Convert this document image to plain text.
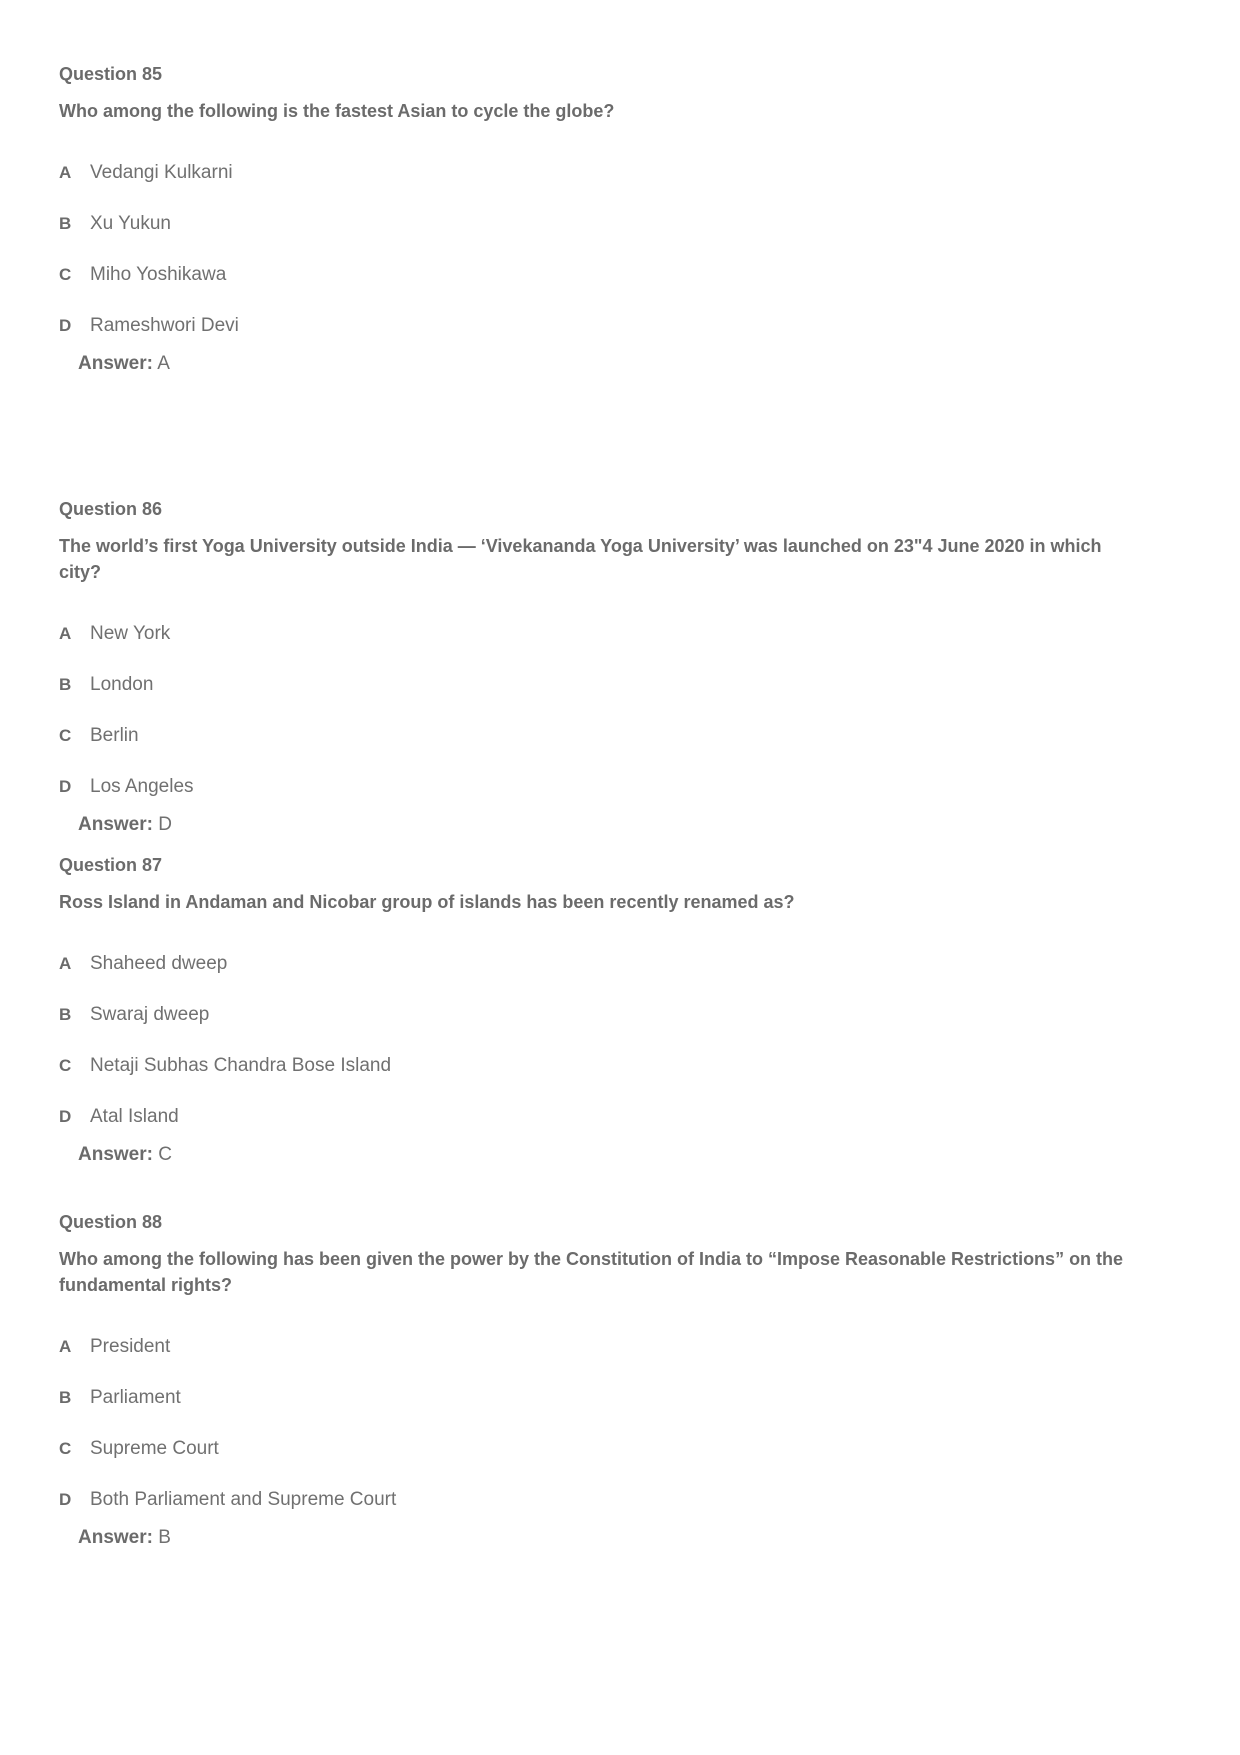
Question 85

Who among the following is the fastest Asian to cycle the globe?

A Vedangi Kulkarni
B Xu Yukun
C Miho Yoshikawa
D Rameshwori Devi

Answer: A

Question 86

The world’s first Yoga University outside India — ‘Vivekananda Yoga University’ was launched on 23"4 June 2020 in which city?

A New York
B London
C Berlin
D Los Angeles

Answer: D

Question 87

Ross Island in Andaman and Nicobar group of islands has been recently renamed as?

A Shaheed dweep
B Swaraj dweep
C Netaji Subhas Chandra Bose Island
D Atal Island

Answer: C

Question 88

Who among the following has been given the power by the Constitution of India to “Impose Reasonable Restrictions” on the fundamental rights?

A President
B Parliament
C Supreme Court
D Both Parliament and Supreme Court

Answer: B
